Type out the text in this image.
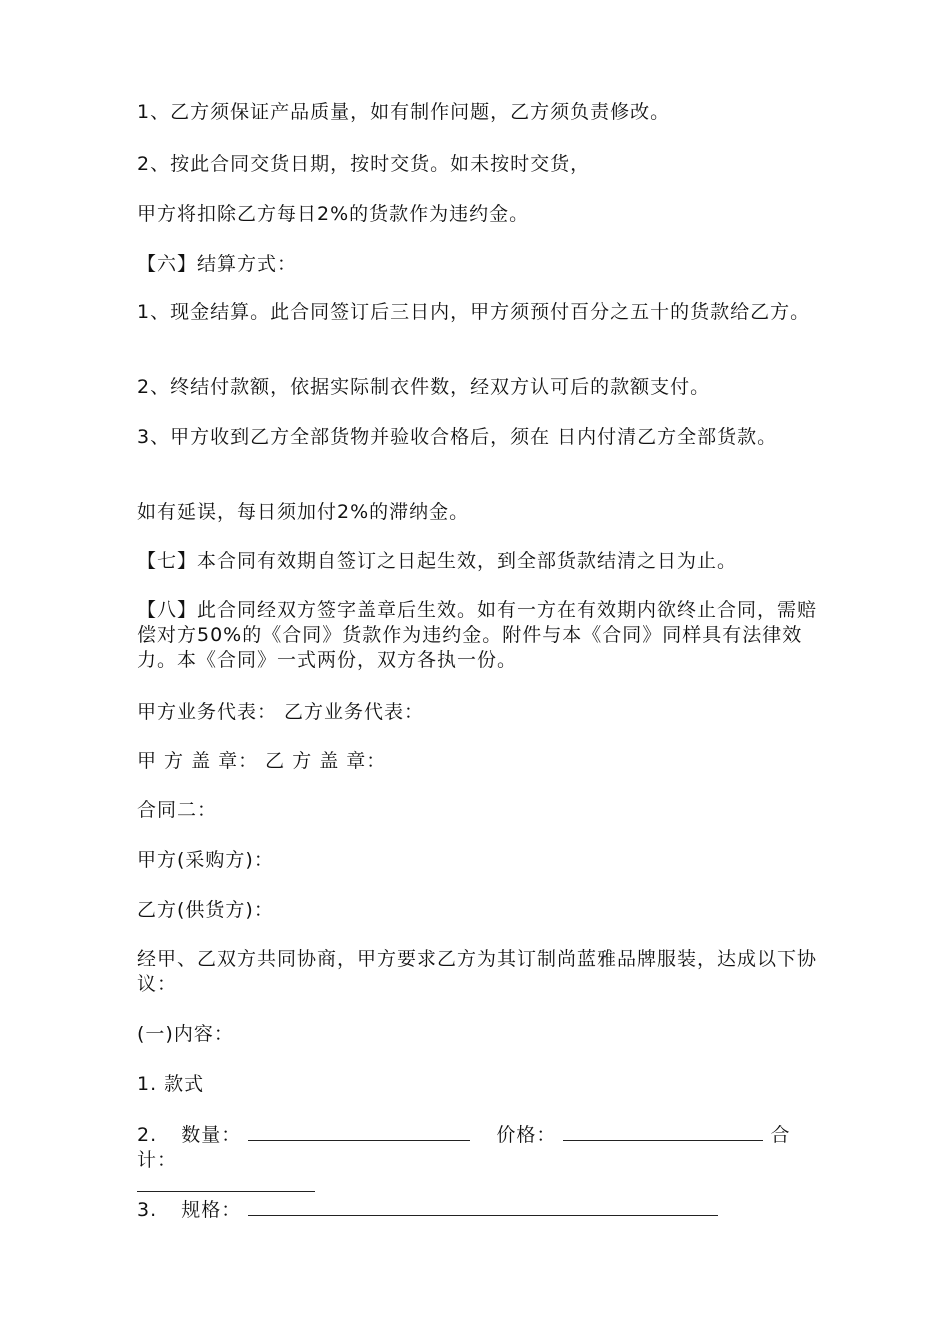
1、乙方须保证产品质量，如有制作问题，乙方须负责修改。

2、按此合同交货日期，按时交货。如未按时交货，

甲方将扣除乙方每日2%的货款作为违约金。

【六】结算方式：

1、现金结算。此合同签订后三日内，甲方须预付百分之五十的货款给乙方。

2、终结付款额，依据实际制衣件数，经双方认可后的款额支付。

3、甲方收到乙方全部货物并验收合格后，须在 日内付清乙方全部货款。

如有延误，每日须加付2%的滞纳金。

【七】本合同有效期自签订之日起生效，到全部货款结清之日为止。

【八】此合同经双方签字盖章后生效。如有一方在有效期内欲终止合同，需赔偿对方50%的《合同》货款作为违约金。附件与本《合同》同样具有法律效力。本《合同》一式两份，双方各执一份。

甲方业务代表： 乙方业务代表：

甲 方 盖 章： 乙 方 盖 章：

合同二：

甲方(采购方)：

乙方(供货方)：

经甲、乙双方共同协商，甲方要求乙方为其订制尚蓝雅品牌服装，达成以下协议：

(一)内容：

1. 款式

2. 数量：	价格：	合计：

3. 规格：
